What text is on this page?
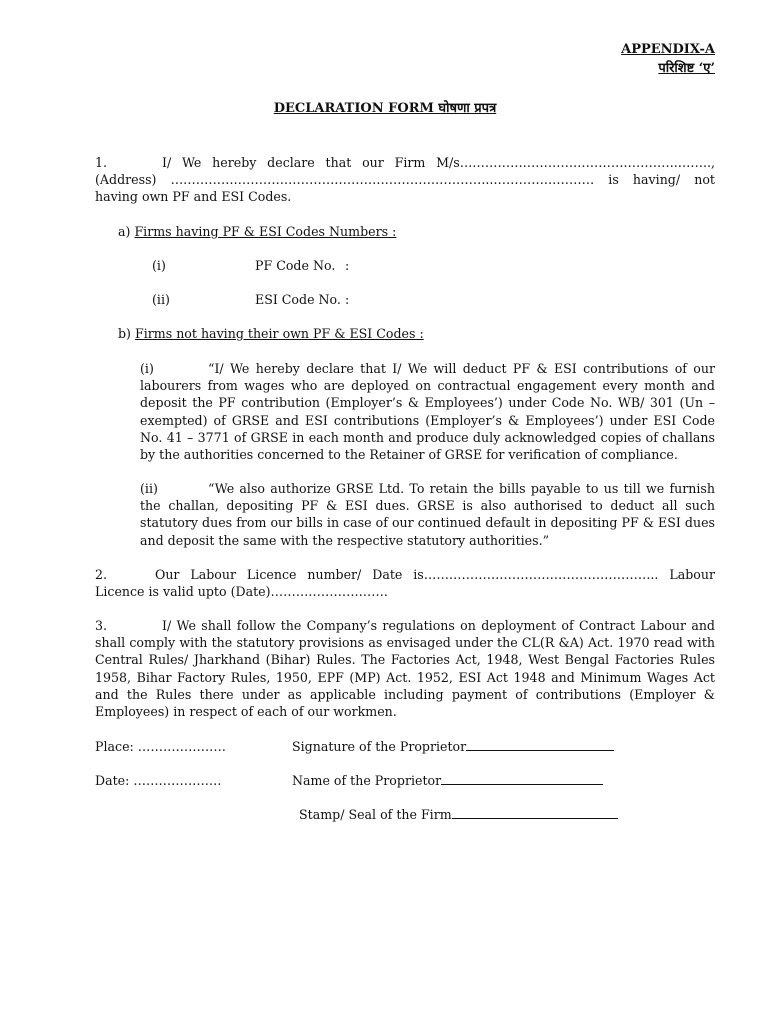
APPENDIX-A
परिशिष्ट ‘ए’
DECLARATION FORM घोषणा प्रपत्र
1.	I/ We hereby declare that our Firm M/s…………………………………………….…….., (Address) …………………………………………………………………..…………………… is having/ not having own PF and ESI Codes.
a) Firms having PF & ESI Codes Numbers :
(i)	PF Code No. :
(ii)	ESI Code No. :
b) Firms not having their own PF & ESI Codes :
(i)	“I/ We hereby declare that I/ We will deduct PF & ESI contributions of our labourers from wages who are deployed on contractual engagement every month and deposit the PF contribution (Employer’s & Employees’) under Code No. WB/ 301 (Un – exempted) of GRSE and ESI contributions (Employer’s & Employees’) under ESI Code No. 41 – 3771 of GRSE in each month and produce duly acknowledged copies of challans by the authorities concerned to the Retainer of GRSE for verification of compliance.
(ii)	“We also authorize GRSE Ltd. To retain the bills payable to us till we furnish the challan, depositing PF & ESI dues. GRSE is also authorised to deduct all such statutory dues from our bills in case of our continued default in depositing PF & ESI dues and deposit the same with the respective statutory authorities.”
2.	Our Labour Licence number/ Date is……………………………………………….. Labour Licence is valid upto (Date)……………………….
3.	I/ We shall follow the Company’s regulations on deployment of Contract Labour and shall comply with the statutory provisions as envisaged under the CL(R &A) Act. 1970 read with Central Rules/ Jharkhand (Bihar) Rules. The Factories Act, 1948, West Bengal Factories Rules 1958, Bihar Factory Rules, 1950, EPF (MP) Act. 1952, ESI Act 1948 and Minimum Wages Act and the Rules there under as applicable including payment of contributions (Employer & Employees) in respect of each of our workmen.
Place: …………………	Signature of the Proprietor
Date: …………………	Name of the Proprietor
Stamp/ Seal of the Firm
